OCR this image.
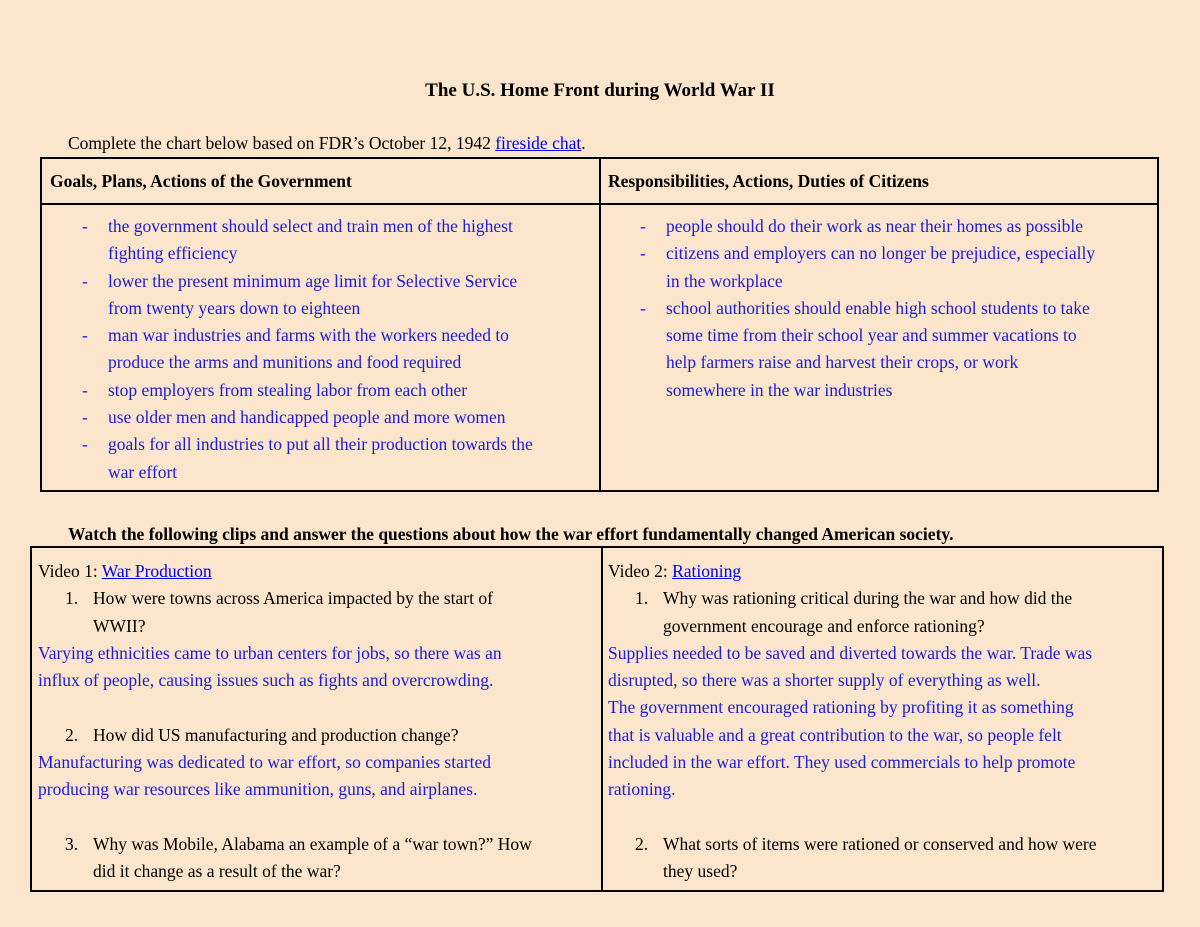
The U.S. Home Front during World War II
Complete the chart below based on FDR’s October 12, 1942 fireside chat.
Goals, Plans, Actions of the Government	Responsibilities, Actions, Duties of Citizens
- the government should select and train men of the highest
fighting efficiency
- lower the present minimum age limit for Selective Service
from twenty years down to eighteen
- man war industries and farms with the workers needed to
produce the arms and munitions and food required
- stop employers from stealing labor from each other
- use older men and handicapped people and more women
- goals for all industries to put all their production towards the
war effort
- people should do their work as near their homes as possible
- citizens and employers can no longer be prejudice, especially
in the workplace
- school authorities should enable high school students to take
some time from their school year and summer vacations to
help farmers raise and harvest their crops, or work
somewhere in the war industries
Watch the following clips and answer the questions about how the war effort fundamentally changed American society.
Video 1: War Production
1. How were towns across America impacted by the start of
WWII?
Varying ethnicities came to urban centers for jobs, so there was an
influx of people, causing issues such as fights and overcrowding.
2. How did US manufacturing and production change?
Manufacturing was dedicated to war effort, so companies started
producing war resources like ammunition, guns, and airplanes.
3. Why was Mobile, Alabama an example of a “war town?” How
did it change as a result of the war?
Video 2: Rationing
1. Why was rationing critical during the war and how did the
government encourage and enforce rationing?
Supplies needed to be saved and diverted towards the war. Trade was
disrupted, so there was a shorter supply of everything as well.
The government encouraged rationing by profiting it as something
that is valuable and a great contribution to the war, so people felt
included in the war effort. They used commercials to help promote
rationing.
2. What sorts of items were rationed or conserved and how were
they used?
